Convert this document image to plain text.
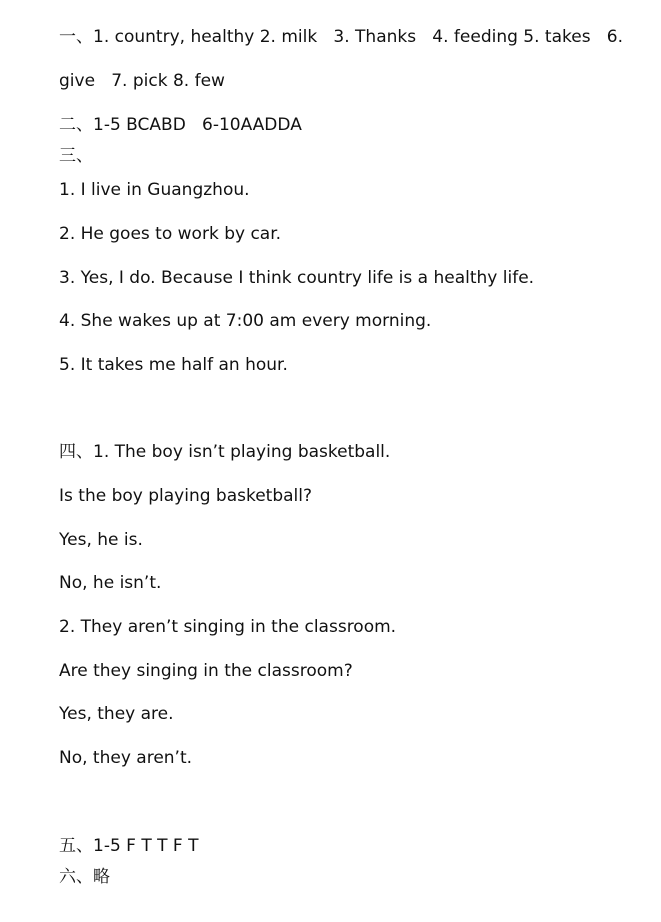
一、1. country, healthy 2. milk   3. Thanks   4. feeding 5. takes   6.

give   7. pick 8. few

二、1-5 BCABD   6-10AADDA

三、

1. I live in Guangzhou.

2. He goes to work by car.

3. Yes, I do. Because I think country life is a healthy life.

4. She wakes up at 7:00 am every morning.

5. It takes me half an hour.

四、1. The boy isn’t playing basketball.

Is the boy playing basketball?

Yes, he is.

No, he isn’t.

2. They aren’t singing in the classroom.

Are they singing in the classroom?

Yes, they are.

No, they aren’t.

五、1-5 F T T F T

六、略
